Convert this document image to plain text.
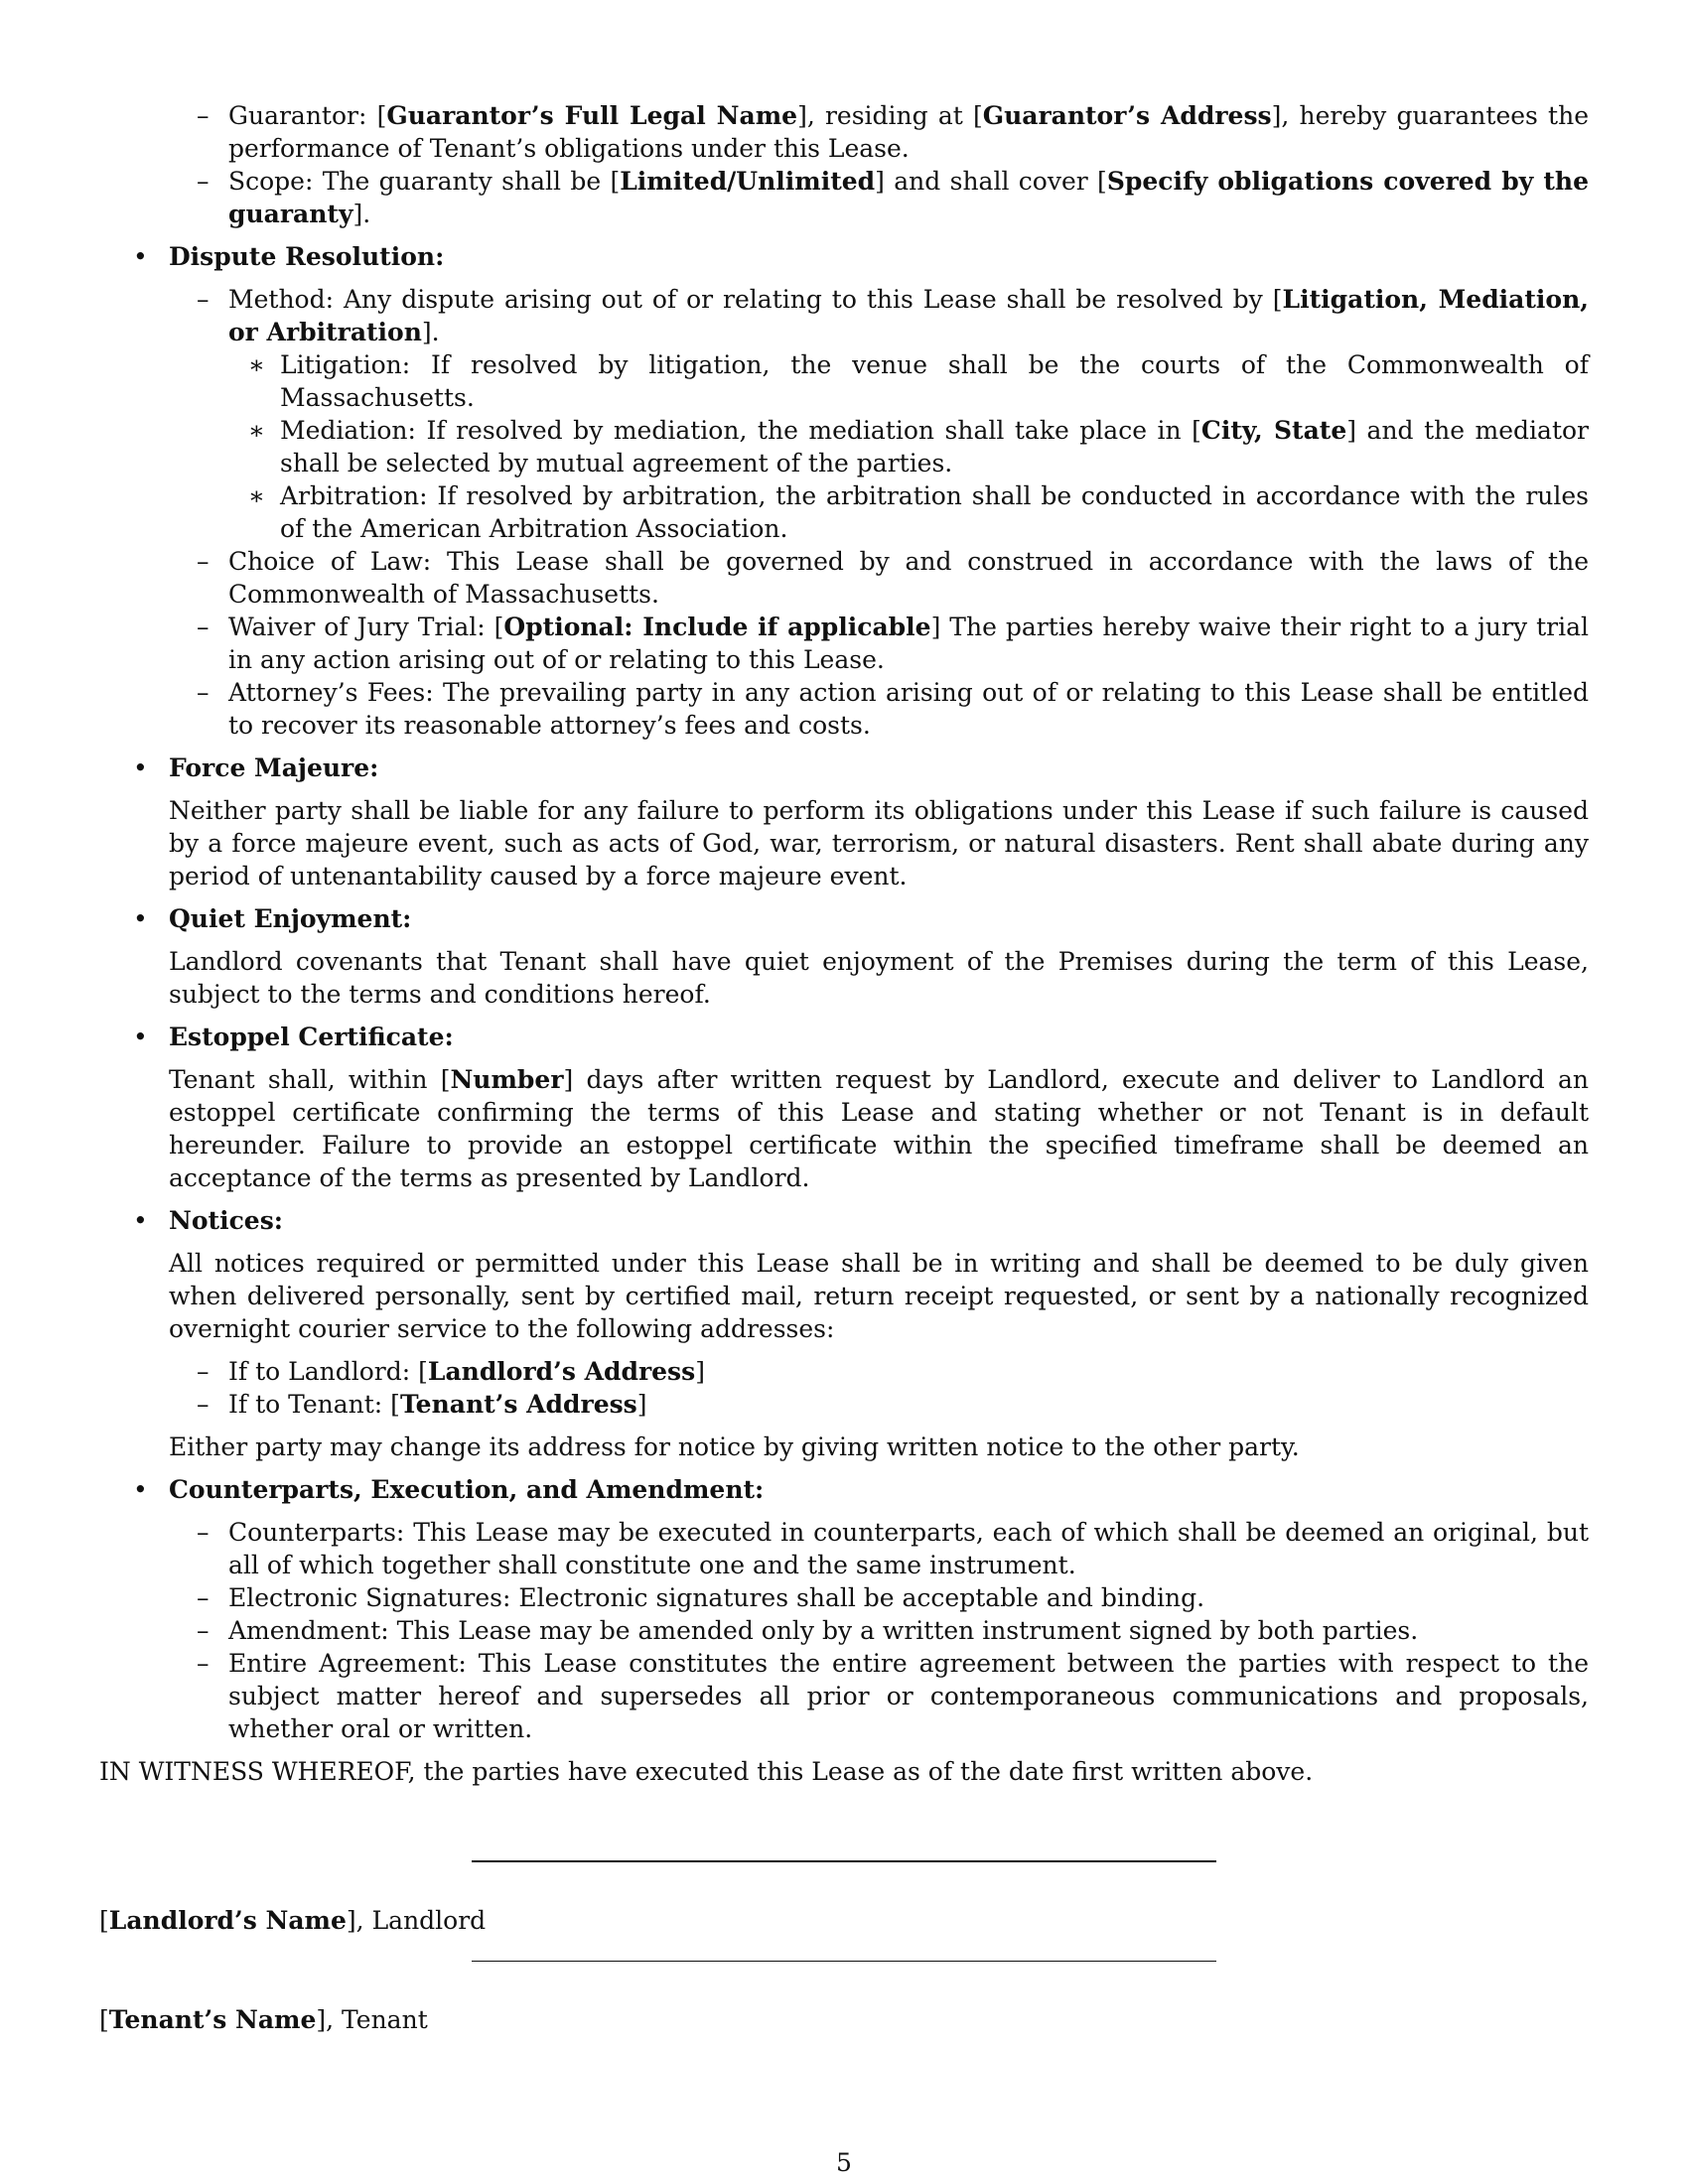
– Guarantor: [Guarantor’s Full Legal Name], residing at [Guarantor’s Address], hereby guarantees the performance of Tenant’s obligations under this Lease.
– Scope: The guaranty shall be [Limited/Unlimited] and shall cover [Specify obligations covered by the guaranty].
• Dispute Resolution:
– Method: Any dispute arising out of or relating to this Lease shall be resolved by [Litigation, Mediation, or Arbitration].
∗ Litigation: If resolved by litigation, the venue shall be the courts of the Commonwealth of Massachusetts.
∗ Mediation: If resolved by mediation, the mediation shall take place in [City, State] and the mediator shall be selected by mutual agreement of the parties.
∗ Arbitration: If resolved by arbitration, the arbitration shall be conducted in accordance with the rules of the American Arbitration Association.
– Choice of Law: This Lease shall be governed by and construed in accordance with the laws of the Commonwealth of Massachusetts.
– Waiver of Jury Trial: [Optional: Include if applicable] The parties hereby waive their right to a jury trial in any action arising out of or relating to this Lease.
– Attorney’s Fees: The prevailing party in any action arising out of or relating to this Lease shall be entitled to recover its reasonable attorney’s fees and costs.
• Force Majeure:

Neither party shall be liable for any failure to perform its obligations under this Lease if such failure is caused by a force majeure event, such as acts of God, war, terrorism, or natural disasters. Rent shall abate during any period of untenantability caused by a force majeure event.

• Quiet Enjoyment:

Landlord covenants that Tenant shall have quiet enjoyment of the Premises during the term of this Lease, subject to the terms and conditions hereof.

• Estoppel Certificate:

Tenant shall, within [Number] days after written request by Landlord, execute and deliver to Landlord an estoppel certificate confirming the terms of this Lease and stating whether or not Tenant is in default hereunder. Failure to provide an estoppel certificate within the specified timeframe shall be deemed an acceptance of the terms as presented by Landlord.

• Notices:

All notices required or permitted under this Lease shall be in writing and shall be deemed to be duly given when delivered personally, sent by certified mail, return receipt requested, or sent by a nationally recognized overnight courier service to the following addresses:

– If to Landlord: [Landlord’s Address]
– If to Tenant: [Tenant’s Address]

Either party may change its address for notice by giving written notice to the other party.

• Counterparts, Execution, and Amendment:
– Counterparts: This Lease may be executed in counterparts, each of which shall be deemed an original, but all of which together shall constitute one and the same instrument.
– Electronic Signatures: Electronic signatures shall be acceptable and binding.
– Amendment: This Lease may be amended only by a written instrument signed by both parties.
– Entire Agreement: This Lease constitutes the entire agreement between the parties with respect to the subject matter hereof and supersedes all prior or contemporaneous communications and proposals, whether oral or written.

IN WITNESS WHEREOF, the parties have executed this Lease as of the date first written above.

[Landlord’s Name], Landlord
[Tenant’s Name], Tenant
5
